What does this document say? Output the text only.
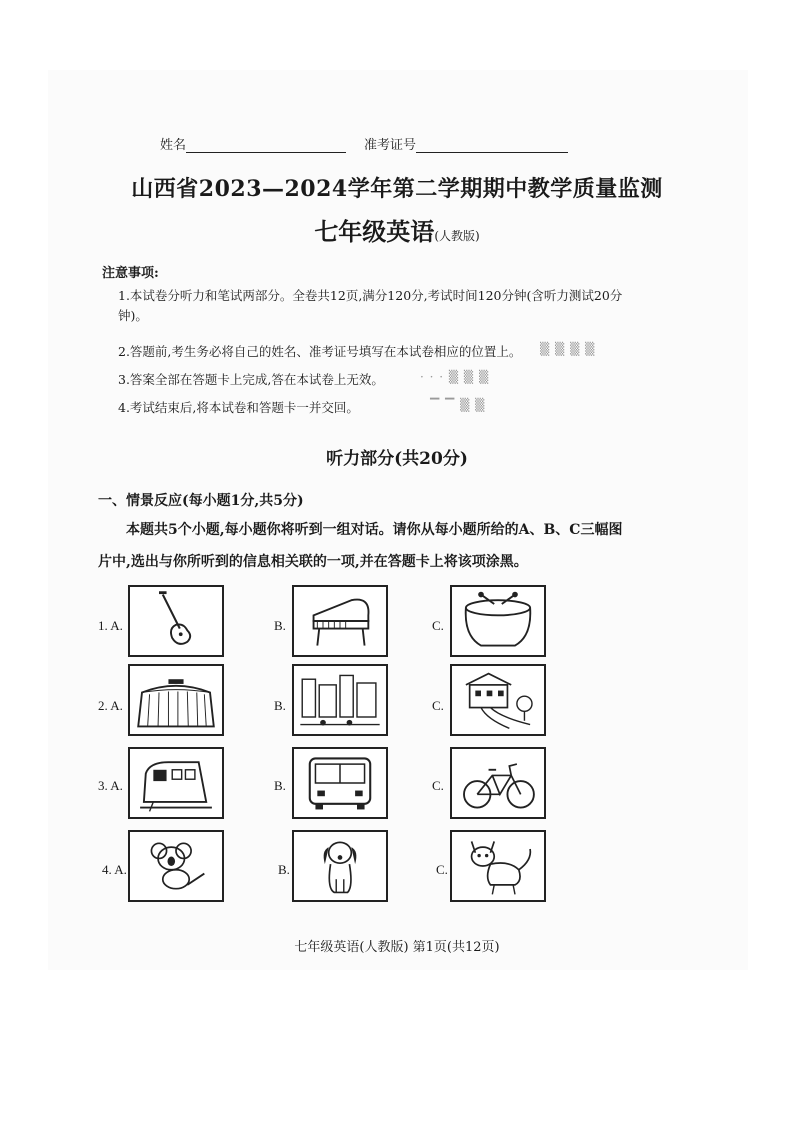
姓名	准考证号
山西省2023—2024学年第二学期期中教学质量监测
七年级英语(人教版)
注意事项:
1.本试卷分听力和笔试两部分。全卷共12页,满分120分,考试时间120分钟(含听力测试20分钟)。
2.答题前,考生务必将自己的姓名、准考证号填写在本试卷相应的位置上。
3.答案全部在答题卡上完成,答在本试卷上无效。
4.考试结束后,将本试卷和答题卡一并交回。
▒ ▒ ▒ ▒
· · · ▒ ▒ ▒
▔ ▔ ▒ ▒
听力部分(共20分)
一、情景反应(每小题1分,共5分)
本题共5个小题,每小题你将听到一组对话。请你从每小题所给的A、B、C三幅图
片中,选出与你所听到的信息相关联的一项,并在答题卡上将该项涂黑。
1. A.	B.	C.
2. A.	B.	C.
3. A.	B.	C.
4. A.	B.	C.
七年级英语(人教版) 第1页(共12页)
